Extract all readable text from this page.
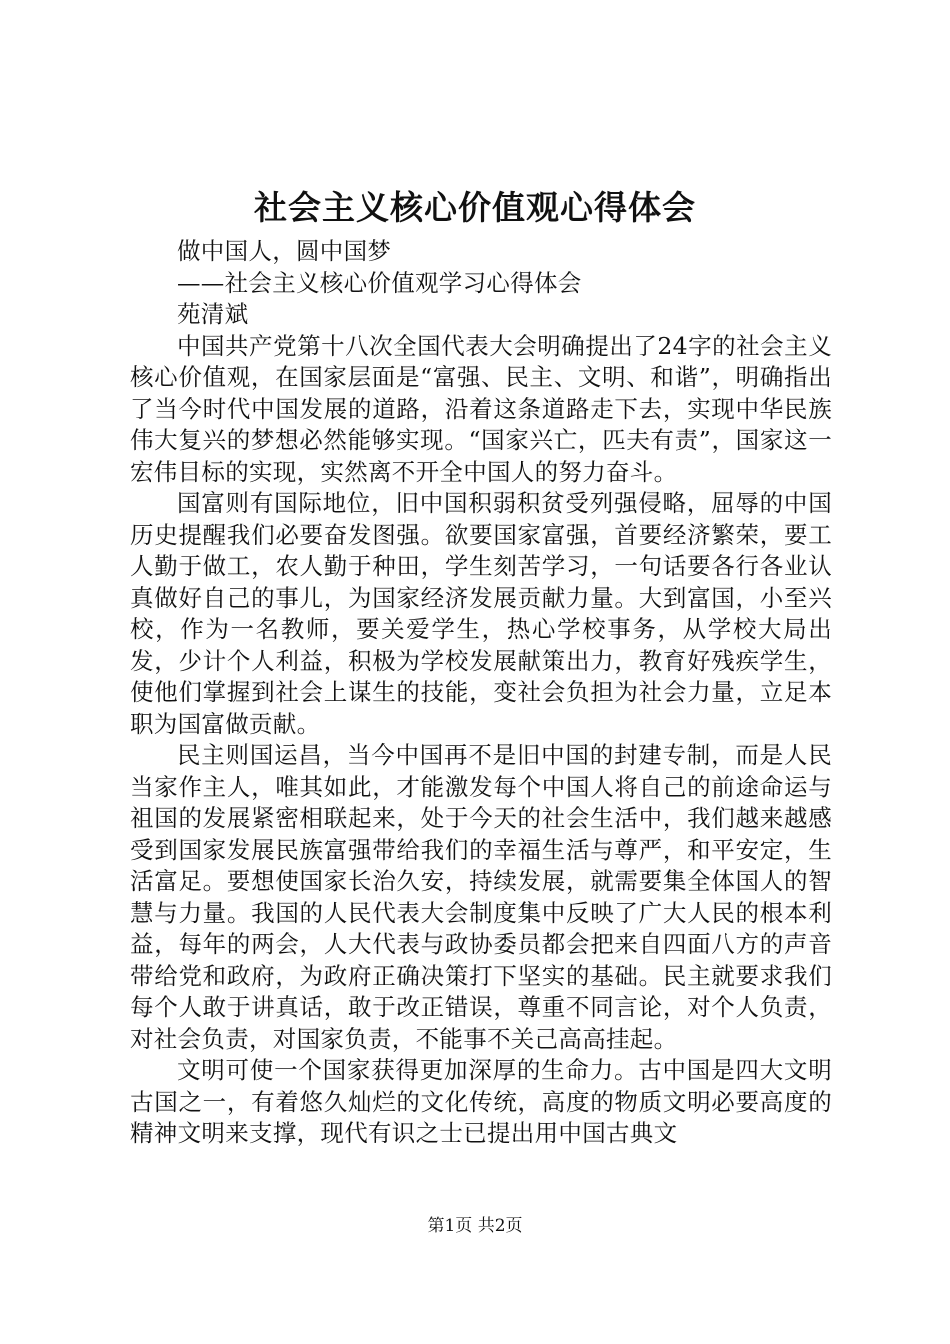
社会主义核心价值观心得体会

做中国人，圆中国梦

——社会主义核心价值观学习心得体会

苑清斌

中国共产党第十八次全国代表大会明确提出了24字的社会主义核心价值观，在国家层面是“富强、民主、文明、和谐”，明确指出了当今时代中国发展的道路，沿着这条道路走下去，实现中华民族伟大复兴的梦想必然能够实现。“国家兴亡，匹夫有责”，国家这一宏伟目标的实现，实然离不开全中国人的努力奋斗。

国富则有国际地位，旧中国积弱积贫受列强侵略，屈辱的中国历史提醒我们必要奋发图强。欲要国家富强，首要经济繁荣，要工人勤于做工，农人勤于种田，学生刻苦学习，一句话要各行各业认真做好自己的事儿，为国家经济发展贡献力量。大到富国，小至兴校，作为一名教师，要关爱学生，热心学校事务，从学校大局出发，少计个人利益，积极为学校发展献策出力，教育好残疾学生，使他们掌握到社会上谋生的技能，变社会负担为社会力量，立足本职为国富做贡献。

民主则国运昌，当今中国再不是旧中国的封建专制，而是人民当家作主人，唯其如此，才能激发每个中国人将自己的前途命运与祖国的发展紧密相联起来，处于今天的社会生活中，我们越来越感受到国家发展民族富强带给我们的幸福生活与尊严，和平安定，生活富足。要想使国家长治久安，持续发展，就需要集全体国人的智慧与力量。我国的人民代表大会制度集中反映了广大人民的根本利益，每年的两会，人大代表与政协委员都会把来自四面八方的声音带给党和政府，为政府正确决策打下坚实的基础。民主就要求我们每个人敢于讲真话，敢于改正错误，尊重不同言论，对个人负责，对社会负责，对国家负责，不能事不关己高高挂起。

文明可使一个国家获得更加深厚的生命力。古中国是四大文明古国之一，有着悠久灿烂的文化传统，高度的物质文明必要高度的精神文明来支撑，现代有识之士已提出用中国古典文

第1页 共2页
